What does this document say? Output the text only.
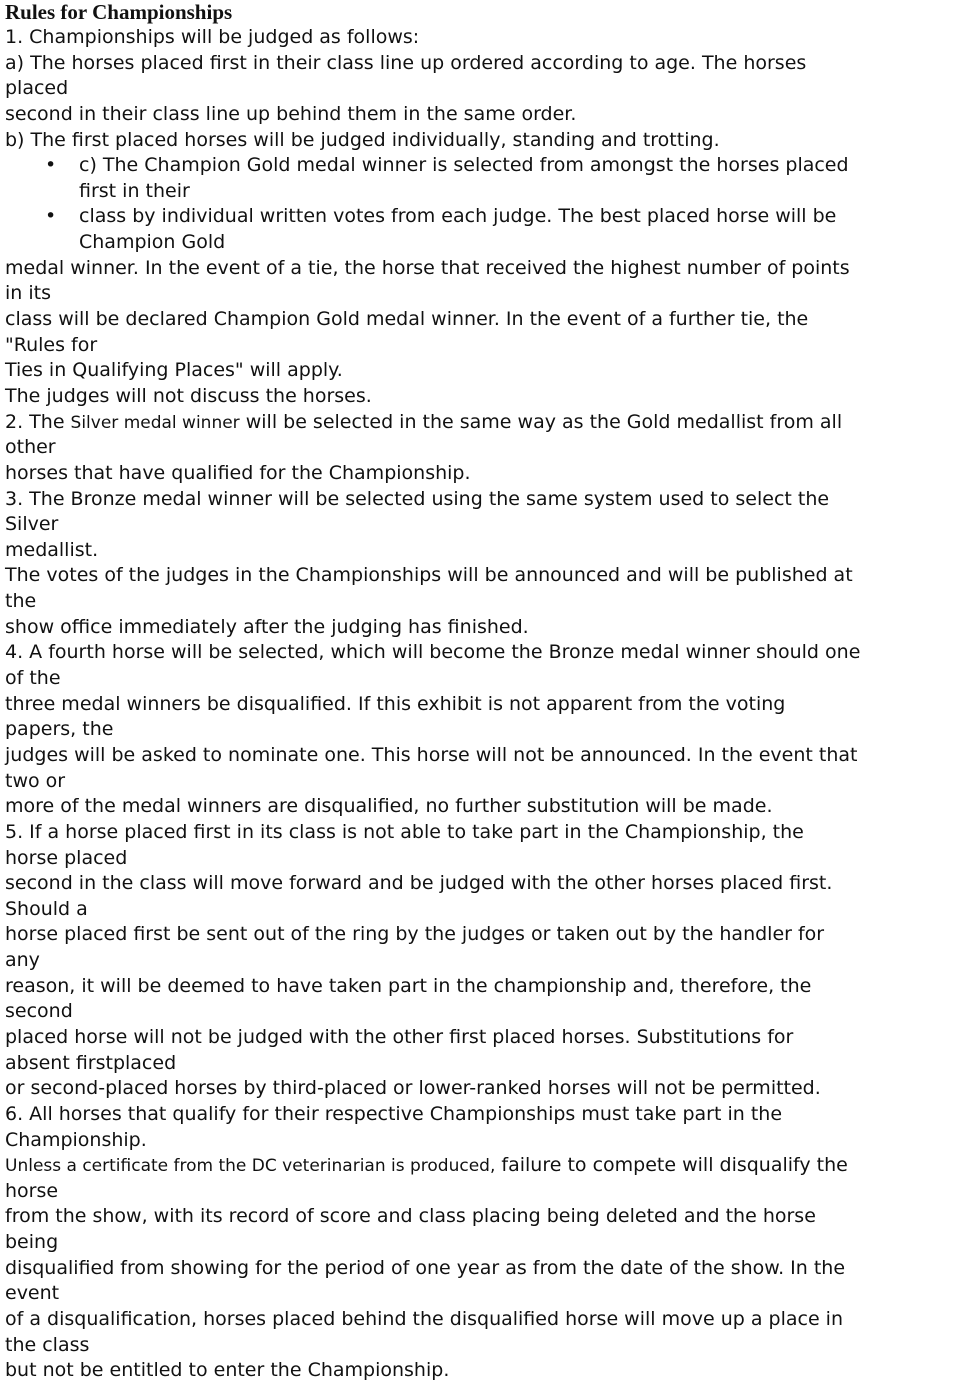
Rules for Championships
1. Championships will be judged as follows:
a) The horses placed first in their class line up ordered according to age. The horses
placed
second in their class line up behind them in the same order.
b) The first placed horses will be judged individually, standing and trotting.
• c) The Champion Gold medal winner is selected from amongst the horses placed
first in their
• class by individual written votes from each judge. The best placed horse will be
Champion Gold
medal winner. In the event of a tie, the horse that received the highest number of points
in its
class will be declared Champion Gold medal winner. In the event of a further tie, the
"Rules for
Ties in Qualifying Places" will apply.
The judges will not discuss the horses.
2. The Silver medal winner will be selected in the same way as the Gold medallist from all
other
horses that have qualified for the Championship.
3. The Bronze medal winner will be selected using the same system used to select the
Silver
medallist.
The votes of the judges in the Championships will be announced and will be published at
the
show office immediately after the judging has finished.
4. A fourth horse will be selected, which will become the Bronze medal winner should one
of the
three medal winners be disqualified. If this exhibit is not apparent from the voting
papers, the
judges will be asked to nominate one. This horse will not be announced. In the event that
two or
more of the medal winners are disqualified, no further substitution will be made.
5. If a horse placed first in its class is not able to take part in the Championship, the
horse placed
second in the class will move forward and be judged with the other horses placed first.
Should a
horse placed first be sent out of the ring by the judges or taken out by the handler for
any
reason, it will be deemed to have taken part in the championship and, therefore, the
second
placed horse will not be judged with the other first placed horses. Substitutions for
absent firstplaced
or second-placed horses by third-placed or lower-ranked horses will not be permitted.
6. All horses that qualify for their respective Championships must take part in the
Championship.
Unless a certificate from the DC veterinarian is produced, failure to compete will disqualify the
horse
from the show, with its record of score and class placing being deleted and the horse
being
disqualified from showing for the period of one year as from the date of the show. In the
event
of a disqualification, horses placed behind the disqualified horse will move up a place in
the class
but not be entitled to enter the Championship.
